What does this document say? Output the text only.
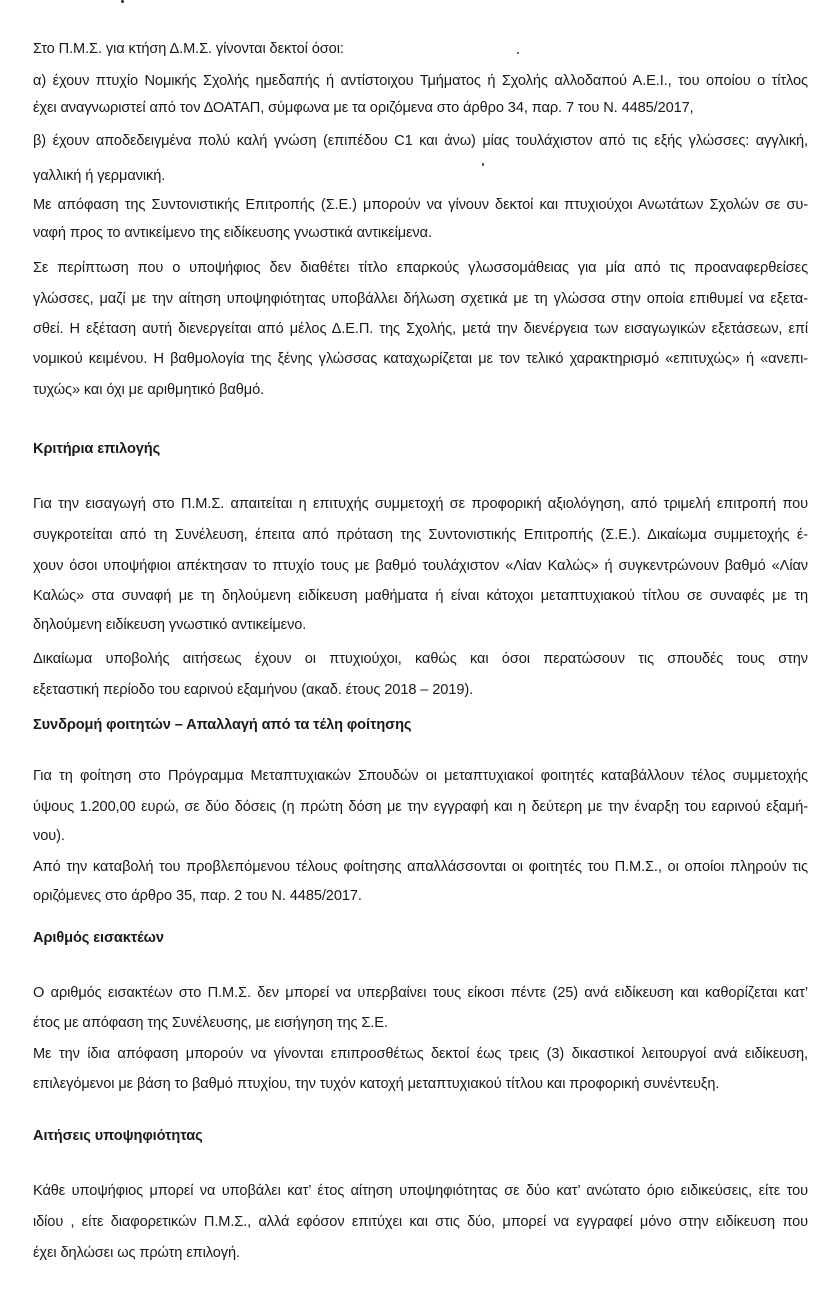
Στο Π.Μ.Σ. για κτήση Δ.Μ.Σ. γίνονται δεκτοί όσοι:
α) έχουν πτυχίο Νομικής Σχολής ημεδαπής ή αντίστοιχου Τμήματος ή Σχολής αλλοδαπού Α.Ε.Ι., του οποίου ο τίτλος
έχει αναγνωριστεί από τον ΔΟΑΤΑΠ, σύμφωνα με τα οριζόμενα στο άρθρο 34, παρ. 7 του Ν. 4485/2017,
β) έχουν αποδεδειγμένα πολύ καλή γνώση (επιπέδου C1 και άνω) μίας τουλάχιστον από τις εξής γλώσσες: αγγλική,
γαλλική ή γερμανική.
Με απόφαση της Συντονιστικής Επιτροπής (Σ.Ε.) μπορούν να γίνουν δεκτοί και πτυχιούχοι Ανωτάτων Σχολών σε συ-
ναφή προς το αντικείμενο της ειδίκευσης γνωστικά αντικείμενα.
Σε περίπτωση που ο υποψήφιος δεν διαθέτει τίτλο επαρκούς γλωσσομάθειας για μία από τις προαναφερθείσες
γλώσσες, μαζί με την αίτηση υποψηφιότητας υποβάλλει δήλωση σχετικά με τη γλώσσα στην οποία επιθυμεί να εξετα-
σθεί. Η εξέταση αυτή διενεργείται από μέλος Δ.Ε.Π. της Σχολής, μετά την διενέργεια των εισαγωγικών εξετάσεων, επί
νομικού κειμένου. Η βαθμολογία της ξένης γλώσσας καταχωρίζεται με τον τελικό χαρακτηρισμό «επιτυχώς» ή «ανεπι-
τυχώς» και όχι με αριθμητικό βαθμό.
Κριτήρια επιλογής
Για την εισαγωγή στο Π.Μ.Σ. απαιτείται η επιτυχής συμμετοχή σε προφορική αξιολόγηση, από τριμελή επιτροπή που
συγκροτείται από τη Συνέλευση, έπειτα από πρόταση της Συντονιστικής Επιτροπής (Σ.Ε.). Δικαίωμα συμμετοχής έ-
χουν όσοι υποψήφιοι απέκτησαν το πτυχίο τους με βαθμό τουλάχιστον «Λίαν Καλώς» ή συγκεντρώνουν βαθμό «Λίαν
Καλώς» στα συναφή με τη δηλούμενη ειδίκευση μαθήματα ή είναι κάτοχοι μεταπτυχιακού τίτλου σε συναφές με τη
δηλούμενη ειδίκευση γνωστικό αντικείμενο.
Δικαίωμα υποβολής αιτήσεως έχουν οι πτυχιούχοι, καθώς και όσοι περατώσουν τις σπουδές τους στην
εξεταστική περίοδο του εαρινού εξαμήνου (ακαδ. έτους 2018 – 2019).
Συνδρομή φοιτητών – Απαλλαγή από τα τέλη φοίτησης
Για τη φοίτηση στο Πρόγραμμα Μεταπτυχιακών Σπουδών οι μεταπτυχιακοί φοιτητές καταβάλλουν τέλος συμμετοχής
ύψους 1.200,00 ευρώ, σε δύο δόσεις (η πρώτη δόση με την εγγραφή και η δεύτερη με την έναρξη του εαρινού εξαμή-
νου).
Από την καταβολή του προβλεπόμενου τέλους φοίτησης απαλλάσσονται οι φοιτητές του Π.Μ.Σ., οι οποίοι πληρούν τις
οριζόμενες στο άρθρο 35, παρ. 2 του Ν. 4485/2017.
Αριθμός εισακτέων
Ο αριθμός εισακτέων στο Π.Μ.Σ. δεν μπορεί να υπερβαίνει τους είκοσι πέντε (25) ανά ειδίκευση και καθορίζεται κατ’
έτος με απόφαση της Συνέλευσης, με εισήγηση της Σ.Ε.
Με την ίδια απόφαση μπορούν να γίνονται επιπροσθέτως δεκτοί έως τρεις (3) δικαστικοί λειτουργοί ανά ειδίκευση,
επιλεγόμενοι με βάση το βαθμό πτυχίου, την τυχόν κατοχή μεταπτυχιακού τίτλου και προφορική συνέντευξη.
Αιτήσεις υποψηφιότητας
Κάθε υποψήφιος μπορεί να υποβάλει κατ’ έτος αίτηση υποψηφιότητας σε δύο κατ’ ανώτατο όριο ειδικεύσεις, είτε του
ιδίου , είτε διαφορετικών Π.Μ.Σ., αλλά εφόσον επιτύχει και στις δύο, μπορεί να εγγραφεί μόνο στην ειδίκευση που
έχει δηλώσει ως πρώτη επιλογή.
